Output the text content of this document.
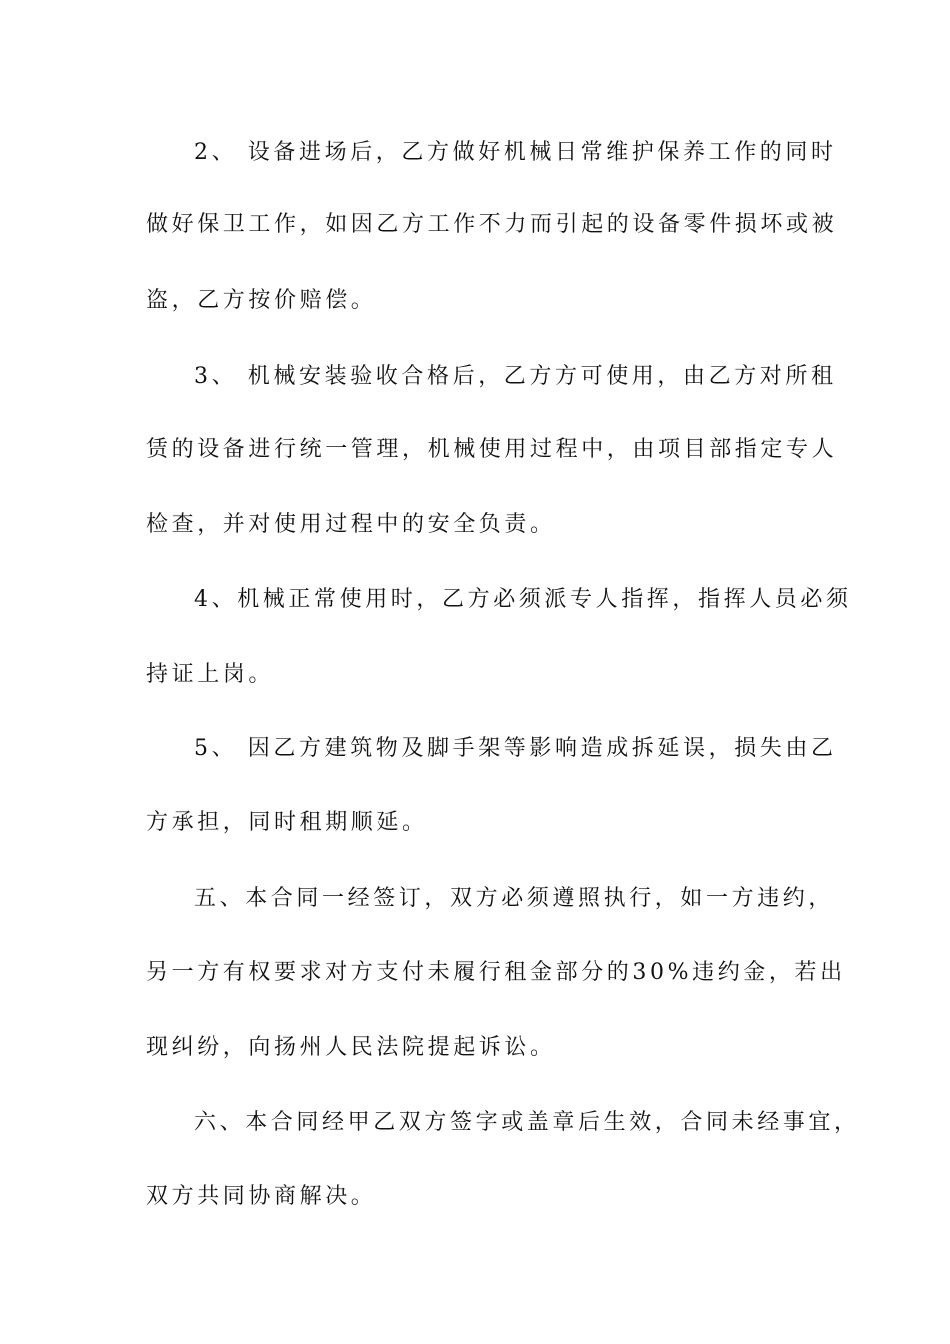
2、 设备进场后，乙方做好机械日常维护保养工作的同时
做好保卫工作，如因乙方工作不力而引起的设备零件损坏或被
盗，乙方按价赔偿。
3、 机械安装验收合格后，乙方方可使用，由乙方对所租
赁的设备进行统一管理，机械使用过程中，由项目部指定专人
检查，并对使用过程中的安全负责。
4、机械正常使用时，乙方必须派专人指挥，指挥人员必须
持证上岗。
5、 因乙方建筑物及脚手架等影响造成拆延误，损失由乙
方承担，同时租期顺延。
五、本合同一经签订，双方必须遵照执行，如一方违约，
另一方有权要求对方支付未履行租金部分的30%违约金，若出
现纠纷，向扬州人民法院提起诉讼。
六、本合同经甲乙双方签字或盖章后生效，合同未经事宜，
双方共同协商解决。
